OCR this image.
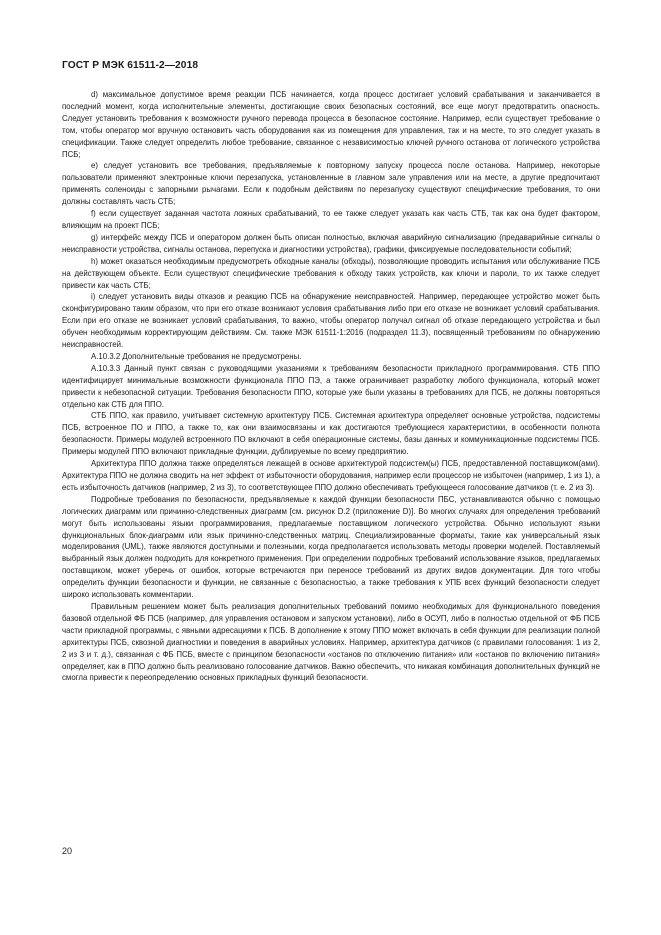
ГОСТ Р МЭК 61511-2—2018

d) максимальное допустимое время реакции ПСБ начинается, когда процесс достигает условий срабатывания и заканчивается в последний момент, когда исполнительные элементы, достигающие своих безопасных состояний, все еще могут предотвратить опасность. Следует установить требования к возможности ручного перевода процесса в безопасное состояние. Например, если существует требование о том, чтобы оператор мог вручную остановить часть оборудования как из помещения для управления, так и на месте, то это следует указать в спецификации. Также следует определить любое требование, связанное с независимостью ключей ручного останова от логического устройства ПСБ;

e) следует установить все требования, предъявляемые к повторному запуску процесса после останова. Например, некоторые пользователи применяют электронные ключи перезапуска, установленные в главном зале управления или на месте, а другие предпочитают применять соленоиды с запорными рычагами. Если к подобным действиям по перезапуску существуют специфические требования, то они должны составлять часть СТБ;

f) если существует заданная частота ложных срабатываний, то ее также следует указать как часть СТБ, так как она будет фактором, влияющим на проект ПСБ;

g) интерфейс между ПСБ и оператором должен быть описан полностью, включая аварийную сигнализацию (предаварийные сигналы о неисправности устройства, сигналы останова, перепуска и диагностики устройства), графики, фиксируемые последовательности событий;

h) может оказаться необходимым предусмотреть обходные каналы (обходы), позволяющие проводить испытания или обслуживание ПСБ на действующем объекте. Если существуют специфические требования к обходу таких устройств, как ключи и пароли, то их также следует привести как часть СТБ;

i) следует установить виды отказов и реакцию ПСБ на обнаружение неисправностей. Например, передающее устройство может быть сконфигурировано таким образом, что при его отказе возникают условия срабатывания либо при его отказе не возникает условий срабатывания. Если при его отказе не возникает условий срабатывания, то важно, чтобы оператор получал сигнал об отказе передающего устройства и был обучен необходимым корректирующим действиям. См. также МЭК 61511-1:2016 (подраздел 11.3), посвященный требованиям по обнаружению неисправностей.

А.10.3.2 Дополнительные требования не предусмотрены.

А.10.3.3 Данный пункт связан с руководящими указаниями к требованиям безопасности прикладного программирования. СТБ ППО идентифицирует минимальные возможности функционала ППО ПЭ, а также ограничивает разработку любого функционала, который может привести к небезопасной ситуации. Требования безопасности ППО, которые уже были указаны в требованиях для ПСБ, не должны повторяться отдельно как СТБ для ППО.

СТБ ППО, как правило, учитывает системную архитектуру ПСБ. Системная архитектура определяет основные устройства, подсистемы ПСБ, встроенное ПО и ППО, а также то, как они взаимосвязаны и как достигаются требующиеся характеристики, в особенности полнота безопасности. Примеры модулей встроенного ПО включают в себя операционные системы, базы данных и коммуникационные подсистемы ПСБ. Примеры модулей ППО включают прикладные функции, дублируемые по всему предприятию.

Архитектура ППО должна также определяться лежащей в основе архитектурой подсистем(ы) ПСБ, предоставленной поставщиком(ами). Архитектура ППО не должна сводить на нет эффект от избыточности оборудования, например если процессор не избыточен (например, 1 из 1), а есть избыточность датчиков (например, 2 из 3), то соответствующее ППО должно обеспечивать требующееся голосование датчиков (т. е. 2 из 3).

Подробные требования по безопасности, предъявляемые к каждой функции безопасности ПБС, устанавливаются обычно с помощью логических диаграмм или причинно-следственных диаграмм [см. рисунок D.2 (приложение D)]. Во многих случаях для определения требований могут быть использованы языки программирования, предлагаемые поставщиком логического устройства. Обычно используют языки функциональных блок-диаграмм или язык причинно-следственных матриц. Специализированные форматы, такие как универсальный язык моделирования (UML), также являются доступными и полезными, когда предполагается использовать методы проверки моделей. Поставляемый выбранный язык должен подходить для конкретного применения. При определении подробных требований использование языков, предлагаемых поставщиком, может уберечь от ошибок, которые встречаются при переносе требований из других видов документации. Для того чтобы определить функции безопасности и функции, не связанные с безопасностью, а также требования к УПБ всех функций безопасности следует широко использовать комментарии.

Правильным решением может быть реализация дополнительных требований помимо необходимых для функционального поведения базовой отдельной ФБ ПСБ (например, для управления остановом и запуском установки), либо в ОСУП, либо в полностью отдельной от ФБ ПСБ части прикладной программы, с явными адресациями к ПСБ. В дополнение к этому ППО может включать в себя функции для реализации полной архитектуры ПСБ, сквозной диагностики и поведения в аварийных условиях. Например, архитектура датчиков (с правилами голосования: 1 из 2, 2 из 3 и т. д.), связанная с ФБ ПСБ, вместе с принципом безопасности «останов по отключению питания» или «останов по включению питания» определяет, как в ППО должно быть реализовано голосование датчиков. Важно обеспечить, что никакая комбинация дополнительных функций не смогла привести к переопределению основных прикладных функций безопасности.

20
